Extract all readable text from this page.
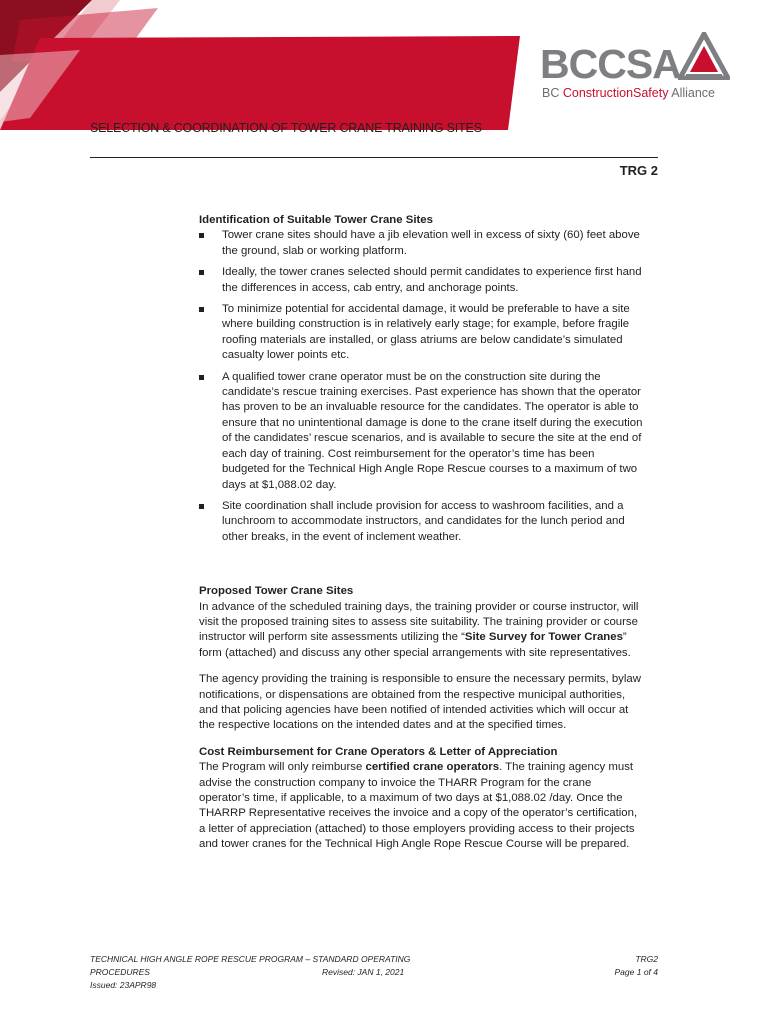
BCCSA
BC ConstructionSafety Alliance
SELECTION & COORDINATION OF TOWER CRANE TRAINING SITES
TRG 2

Identification of Suitable Tower Crane Sites

Tower crane sites should have a jib elevation well in excess of sixty (60) feet above the ground, slab or working platform.
Ideally, the tower cranes selected should permit candidates to experience first hand the differences in access, cab entry, and anchorage points.
To minimize potential for accidental damage, it would be preferable to have a site where building construction is in relatively early stage; for example, before fragile roofing materials are installed, or glass atriums are below candidate’s simulated casualty lower points etc.
A qualified tower crane operator must be on the construction site during the candidate’s rescue training exercises. Past experience has shown that the operator has proven to be an invaluable resource for the candidates. The operator is able to ensure that no unintentional damage is done to the crane itself during the execution of the candidates’ rescue scenarios, and is available to secure the site at the end of each day of training. Cost reimbursement for the operator’s time has been budgeted for the Technical High Angle Rope Rescue courses to a maximum of two days at $1,088.02 day.
Site coordination shall include provision for access to washroom facilities, and a lunchroom to accommodate instructors, and candidates for the lunch period and other breaks, in the event of inclement weather.

Proposed Tower Crane Sites

In advance of the scheduled training days, the training provider or course instructor, will visit the proposed training sites to assess site suitability. The training provider or course instructor will perform site assessments utilizing the “Site Survey for Tower Cranes” form (attached) and discuss any other special arrangements with site representatives.

The agency providing the training is responsible to ensure the necessary permits, bylaw notifications, or dispensations are obtained from the respective municipal authorities, and that policing agencies have been notified of intended activities which will occur at the respective locations on the intended dates and at the specified times.

Cost Reimbursement for Crane Operators & Letter of Appreciation

The Program will only reimburse certified crane operators. The training agency must advise the construction company to invoice the THARR Program for the crane operator’s time, if applicable, to a maximum of two days at $1,088.02 /day. Once the THARRP Representative receives the invoice and a copy of the operator’s certification, a letter of appreciation (attached) to those employers providing access to their projects and tower cranes for the Technical High Angle Rope Rescue Course will be prepared.

TECHNICAL HIGH ANGLE ROPE RESCUE PROGRAM – STANDARD OPERATING PROCEDURES
Issued: 23APR98
Revised: JAN 1, 2021
TRG2
Page 1 of 4
